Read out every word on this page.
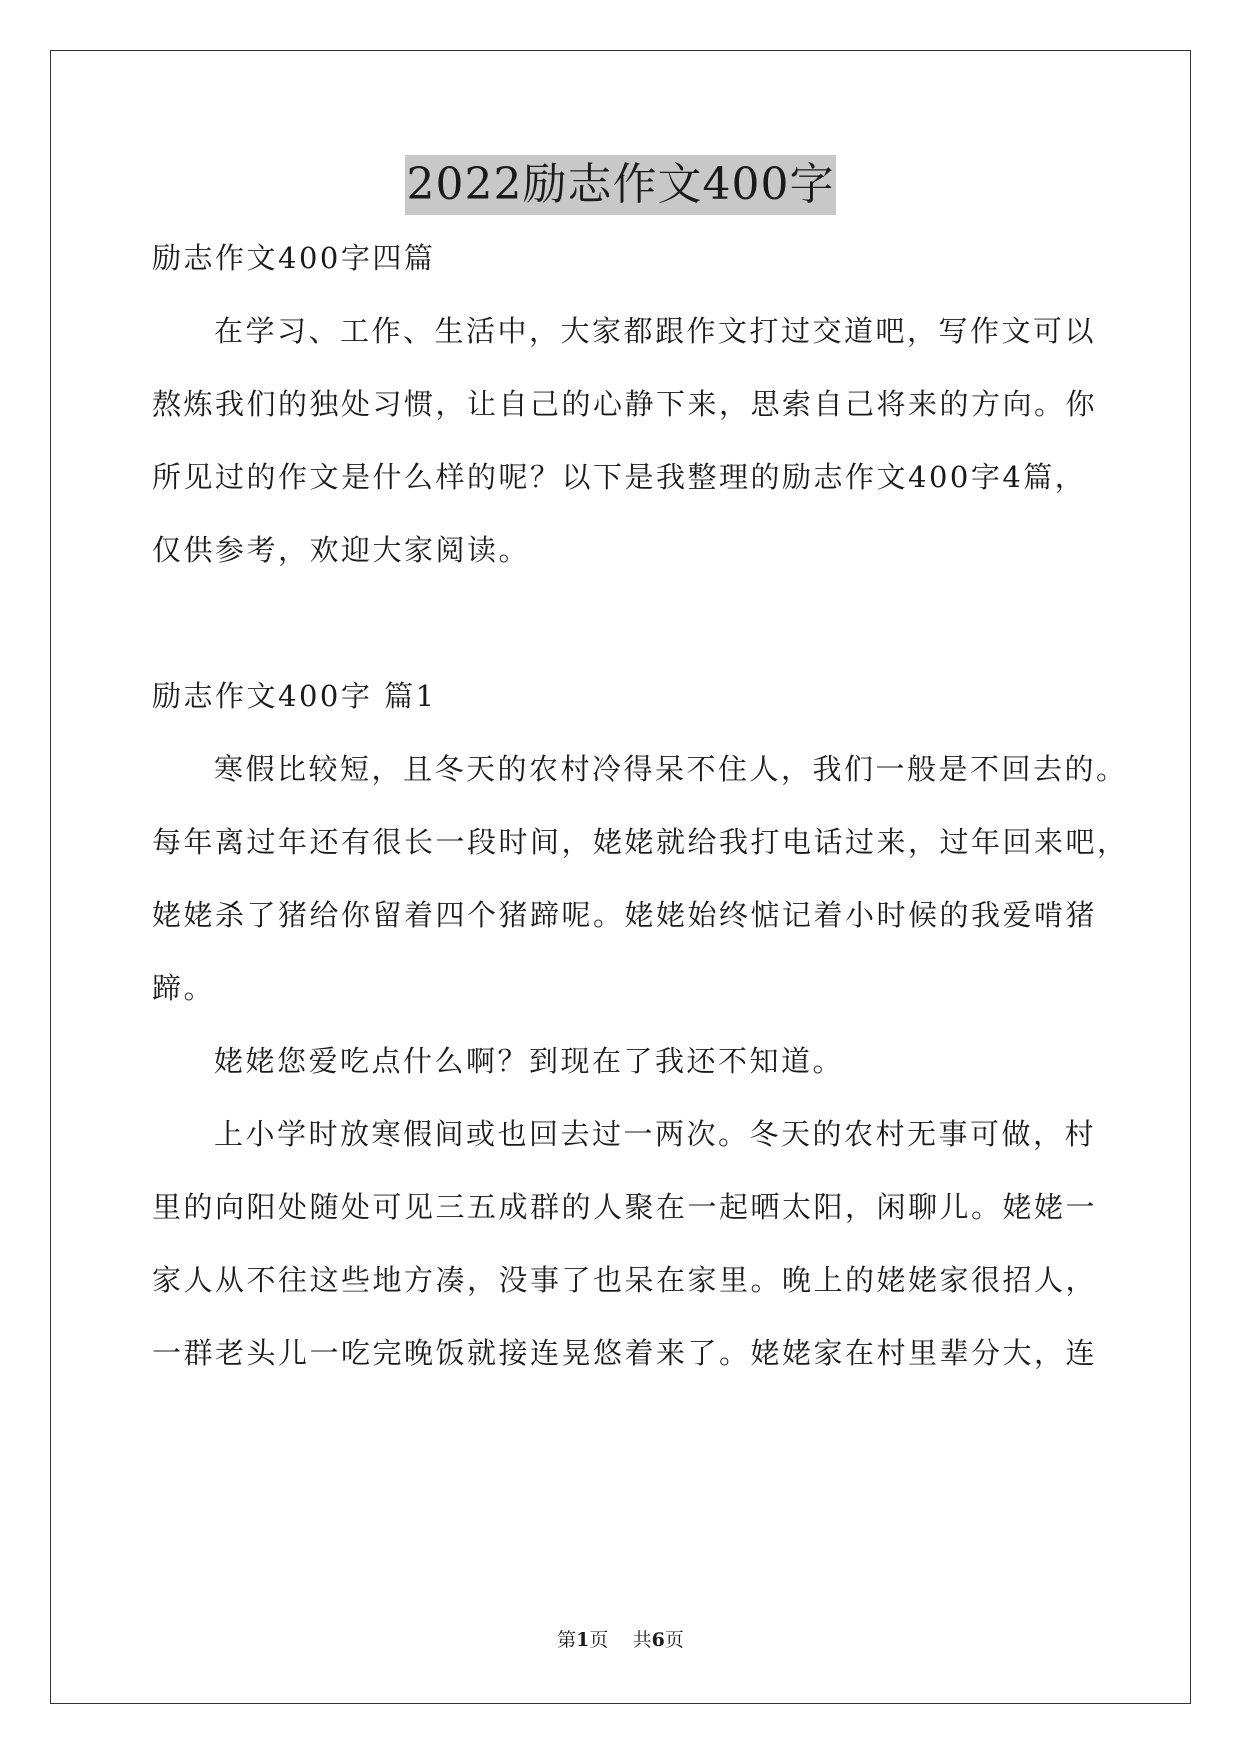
2022励志作文400字
励志作文400字四篇
在学习、工作、生活中，大家都跟作文打过交道吧，写作文可以
熬炼我们的独处习惯，让自己的心静下来，思索自己将来的方向。你
所见过的作文是什么样的呢？以下是我整理的励志作文400字4篇，
仅供参考，欢迎大家阅读。
励志作文400字 篇1
寒假比较短，且冬天的农村冷得呆不住人，我们一般是不回去的。
每年离过年还有很长一段时间，姥姥就给我打电话过来，过年回来吧，
姥姥杀了猪给你留着四个猪蹄呢。姥姥始终惦记着小时候的我爱啃猪
蹄。
姥姥您爱吃点什么啊？到现在了我还不知道。
上小学时放寒假间或也回去过一两次。冬天的农村无事可做，村
里的向阳处随处可见三五成群的人聚在一起晒太阳，闲聊儿。姥姥一
家人从不往这些地方凑，没事了也呆在家里。晚上的姥姥家很招人，
一群老头儿一吃完晚饭就接连晃悠着来了。姥姥家在村里辈分大，连
第1页    共6页
